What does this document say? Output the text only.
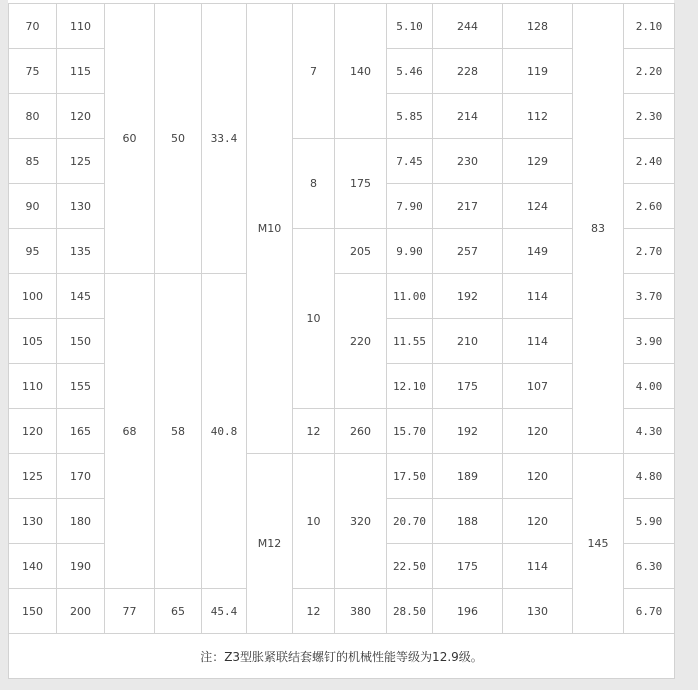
70	110	60	50	33.4	M10	7	140	5.10	244	128	83	2.10
75	115							5.46	228	119		2.20
80	120							5.85	214	112		2.30
85	125					8	175	7.45	230	129		2.40
90	130							7.90	217	124		2.60
95	135					10	205	9.90	257	149		2.70
100	145	68	58	40.8			220	11.00	192	114		3.70
105	150							11.55	210	114		3.90
110	155							12.10	175	107		4.00
120	165					12	260	15.70	192	120		4.30
125	170				M12	10	320	17.50	189	120	145	4.80
130	180							20.70	188	120		5.90
140	190							22.50	175	114		6.30
150	200	77	65	45.4		12	380	28.50	196	130		6.70
注：Z3型胀紧联结套螺钉的机械性能等级为12.9级。												
